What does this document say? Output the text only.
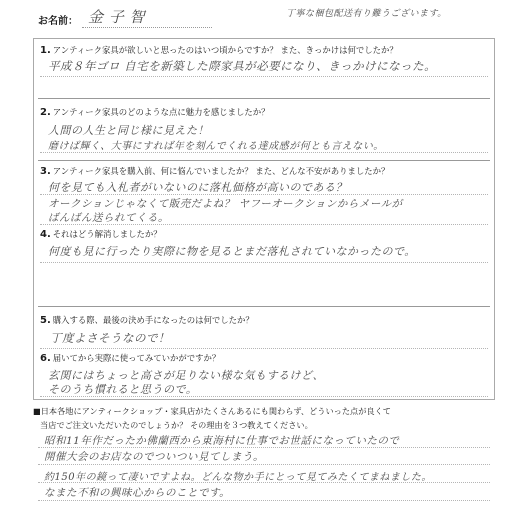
お名前： 金 子 智	丁寧な梱包配送有り難うございます。
1. アンティーク家具が欲しいと思ったのはいつ頃からですか？ また、きっかけは何でしたか？
平成８年ゴロ 自宅を新築した際家具が必要になり、きっかけになった。
2. アンティーク家具のどのような点に魅力を感じましたか？
人間の人生と同じ様に見えた！
磨けば輝く、大事にすれば年を刻んでくれる達成感が何とも言えない。
3. アンティーク家具を購入前、何に悩んでいましたか？ また、どんな不安がありましたか？
何を見ても入札者がいないのに落札価格が高いのである？
オークションじゃなくて販売だよね？ ヤフーオークションからメールが
ばんばん送られてくる。
4. それはどう解消しましたか？
何度も見に行ったり実際に物を見るとまだ落札されていなかったので。
5. 購入する際、最後の決め手になったのは何でしたか？
丁度よさそうなので！
6. 届いてから実際に使ってみていかがですか？
玄関にはちょっと高さが足りない様な気もするけど、
そのうち慣れると思うので。
■日本各地にアンティークショップ・家具店がたくさんあるにも関わらず、どういった点が良くて
当店でご注文いただいたのでしょうか？ その理由を３つ教えてください。
昭和11年作だったか佛蘭西から東海村に仕事でお世話になっていたので
開催大会のお店なのでついつい見てしまう。
約150年の鏡って凄いですよね。どんな物か手にとって見てみたくてまねました。
なまた不和の興味心からのことです。
